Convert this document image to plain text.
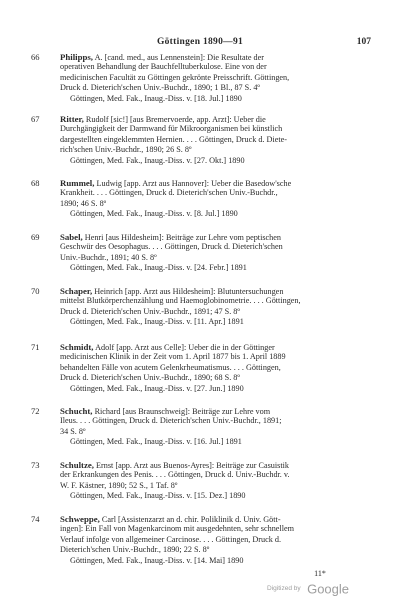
Göttingen 1890—91	107
66	Philipps, A. [cand. med., aus Lennenstein]: Die Resultate der
operativen Behandlung der Bauchfelltuberkulose. Eine von der
medicinischen Facultät zu Göttingen gekrönte Preisschrift. Göttingen,
Druck d. Dieterich'schen Univ.-Buchdr., 1890; 1 Bl., 87 S. 4º
Göttingen, Med. Fak., Inaug.-Diss. v. [18. Jul.] 1890
67	Ritter, Rudolf [sic!] [aus Bremervoerde, app. Arzt]: Ueber die
Durchgängigkeit der Darmwand für Mikroorganismen bei künstlich
dargestellten eingeklemmten Hernien. . . . Göttingen, Druck d. Diete-
rich'schen Univ.-Buchdr., 1890; 26 S. 8º
Göttingen, Med. Fak., Inaug.-Diss. v. [27. Okt.] 1890
68	Rummel, Ludwig [app. Arzt aus Hannover]: Ueber die Basedow'sche
Krankheit. . . . Göttingen, Druck d. Dieterich'schen Univ.-Buchdr.,
1890; 46 S. 8º
Göttingen, Med. Fak., Inaug.-Diss. v. [8. Jul.] 1890
69	Sabel, Henri [aus Hildesheim]: Beiträge zur Lehre vom peptischen
Geschwür des Oesophagus. . . . Göttingen, Druck d. Dieterich'schen
Univ.-Buchdr., 1891; 40 S. 8º
Göttingen, Med. Fak., Inaug.-Diss. v. [24. Febr.] 1891
70	Schaper, Heinrich [app. Arzt aus Hildesheim]: Blutuntersuchungen
mittelst Blutkörperchenzählung und Haemoglobinometrie. . . . Göttingen,
Druck d. Dieterich'schen Univ.-Buchdr., 1891; 47 S. 8º
Göttingen, Med. Fak., Inaug.-Diss. v. [11. Apr.] 1891
71	Schmidt, Adolf [app. Arzt aus Celle]: Ueber die in der Göttinger
medicinischen Klinik in der Zeit vom 1. April 1877 bis 1. April 1889
behandelten Fälle von acutem Gelenkrheumatismus. . . . Göttingen,
Druck d. Dieterich'schen Univ.-Buchdr., 1890; 68 S. 8º
Göttingen, Med. Fak., Inaug.-Diss. v. [27. Jun.] 1890
72	Schucht, Richard [aus Braunschweig]: Beiträge zur Lehre vom
Ileus. . . . Göttingen, Druck d. Dieterich'schen Univ.-Buchdr., 1891;
34 S. 8º
Göttingen, Med. Fak., Inaug.-Diss. v. [16. Jul.] 1891
73	Schultze, Ernst [app. Arzt aus Buenos-Ayres]: Beiträge zur Casuistik
der Erkrankungen des Penis. . . . Göttingen, Druck d. Univ.-Buchdr. v.
W. F. Kästner, 1890; 52 S., 1 Taf. 8º
Göttingen, Med. Fak., Inaug.-Diss. v. [15. Dez.] 1890
74	Schweppe, Carl [Assistenzarzt an d. chir. Poliklinik d. Univ. Gött-
ingen]: Ein Fall von Magenkarcinom mit ausgedehnten, sehr schnellem
Verlauf infolge von allgemeiner Carcinose. . . . Göttingen, Druck d.
Dieterich'schen Univ.-Buchdr., 1890; 22 S. 8º
Göttingen, Med. Fak., Inaug.-Diss. v. [14. Mai] 1890
11*
Digitized by Google
